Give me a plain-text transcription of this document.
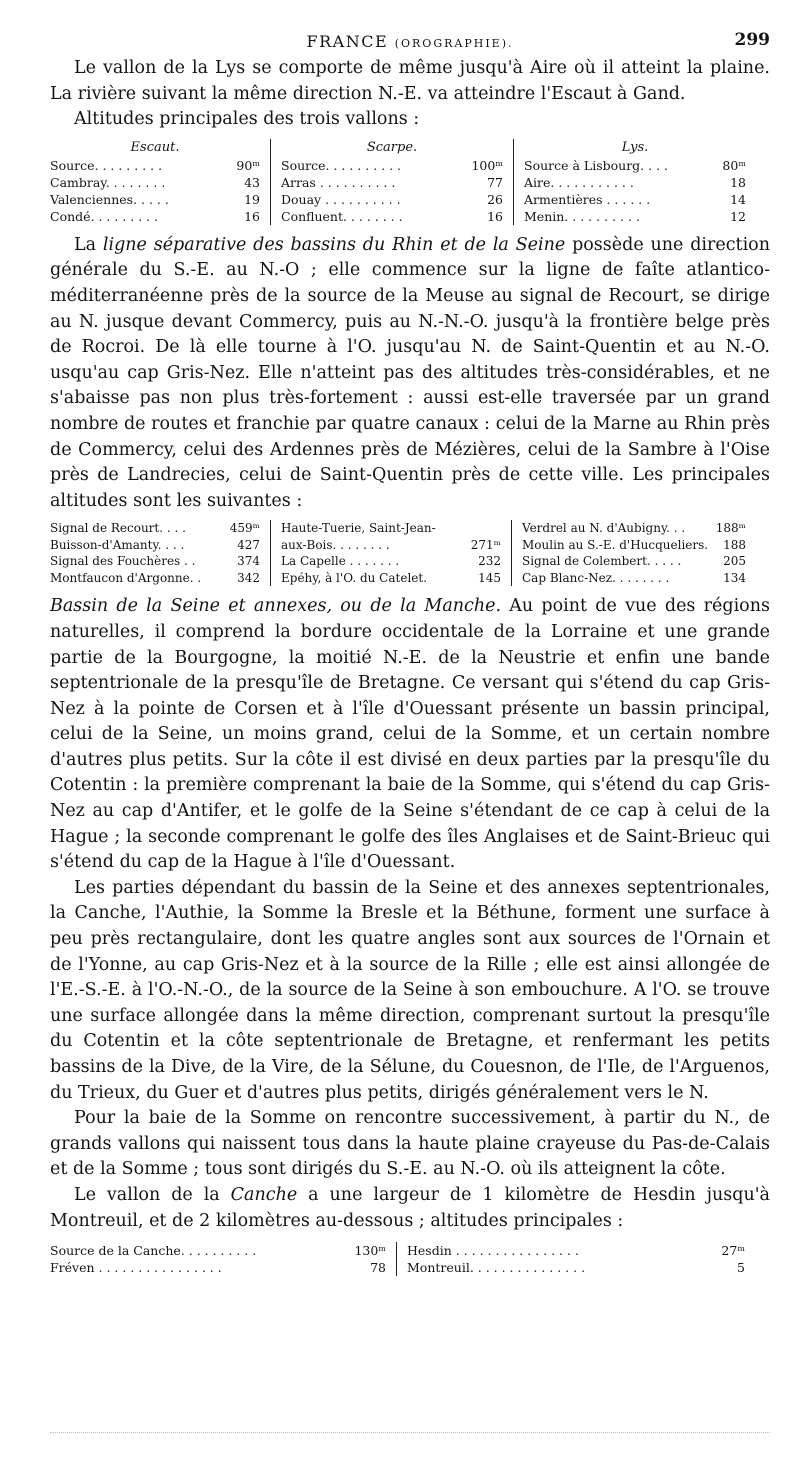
FRANCE (OROGRAPHIE).	299

Le vallon de la Lys se comporte de même jusqu'à Aire où il atteint la plaine. La rivière suivant la même direction N.-E. va atteindre l'Escaut à Gand.

Altitudes principales des trois vallons :

Escaut.
Source. . . . . . . . .	90ᵐ
Cambray. . . . . . . .	43
Valenciennes. . . . .	19
Condé. . . . . . . . .	16
Scarpe.
Source. . . . . . . . . .	100ᵐ
Arras . . . . . . . . . .	77
Douay . . . . . . . . . .	26
Confluent. . . . . . . .	16
Lys.
Source à Lisbourg. . . .	80ᵐ
Aire. . . . . . . . . . .	18
Armentières . . . . . .	14
Menin. . . . . . . . . .	12

La ligne séparative des bassins du Rhin et de la Seine possède une direction générale du S.-E. au N.-O ; elle commence sur la ligne de faîte atlantico-méditerranéenne près de la source de la Meuse au signal de Recourt, se dirige au N. jusque devant Commercy, puis au N.-N.-O. jusqu'à la frontière belge près de Rocroi. De là elle tourne à l'O. jusqu'au N. de Saint-Quentin et au N.-O. usqu'au cap Gris-Nez. Elle n'atteint pas des altitudes très-considérables, et ne s'abaisse pas non plus très-fortement : aussi est-elle traversée par un grand nombre de routes et franchie par quatre canaux : celui de la Marne au Rhin près de Commercy, celui des Ardennes près de Mézières, celui de la Sambre à l'Oise près de Landrecies, celui de Saint-Quentin près de cette ville. Les principales altitudes sont les suivantes :

Signal de Recourt. . . .	459ᵐ
Buisson-d'Amanty. . . .	427
Signal des Fouchères . .	374
Montfaucon d'Argonne. .	342
Haute-Tuerie, Saint-Jean-
aux-Bois. . . . . . . .	271ᵐ
La Capelle . . . . . . .	232
Epéhy, à l'O. du Catelet.	145
Verdrel au N. d'Aubigny. . .	188ᵐ
Moulin au S.-E. d'Hucqueliers. 188
Signal de Colembert. . . . .	205
Cap Blanc-Nez. . . . . . . .	134

Bassin de la Seine et annexes, ou de la Manche. Au point de vue des régions naturelles, il comprend la bordure occidentale de la Lorraine et une grande partie de la Bourgogne, la moitié N.-E. de la Neustrie et enfin une bande septentrionale de la presqu'île de Bretagne. Ce versant qui s'étend du cap Gris-Nez à la pointe de Corsen et à l'île d'Ouessant présente un bassin principal, celui de la Seine, un moins grand, celui de la Somme, et un certain nombre d'autres plus petits. Sur la côte il est divisé en deux parties par la presqu'île du Cotentin : la première comprenant la baie de la Somme, qui s'étend du cap Gris-Nez au cap d'Antifer, et le golfe de la Seine s'étendant de ce cap à celui de la Hague ; la seconde comprenant le golfe des îles Anglaises et de Saint-Brieuc qui s'étend du cap de la Hague à l'île d'Ouessant.

Les parties dépendant du bassin de la Seine et des annexes septentrionales, la Canche, l'Authie, la Somme la Bresle et la Béthune, forment une surface à peu près rectangulaire, dont les quatre angles sont aux sources de l'Ornain et de l'Yonne, au cap Gris-Nez et à la source de la Rille ; elle est ainsi allongée de l'E.-S.-E. à l'O.-N.-O., de la source de la Seine à son embouchure. A l'O. se trouve une surface allongée dans la même direction, comprenant surtout la presqu'île du Cotentin et la côte septentrionale de Bretagne, et renfermant les petits bassins de la Dive, de la Vire, de la Sélune, du Couesnon, de l'Ile, de l'Arguenos, du Trieux, du Guer et d'autres plus petits, dirigés généralement vers le N.

Pour la baie de la Somme on rencontre successivement, à partir du N., de grands vallons qui naissent tous dans la haute plaine crayeuse du Pas-de-Calais et de la Somme ; tous sont dirigés du S.-E. au N.-O. où ils atteignent la côte.

Le vallon de la Canche a une largeur de 1 kilomètre de Hesdin jusqu'à Montreuil, et de 2 kilomètres au-dessous ; altitudes principales :

Source de la Canche. . . . . . . . . .	130ᵐ
Fréven . . . . . . . . . . . . . . . .	78
Hesdin . . . . . . . . . . . . . . . .	27ᵐ
Montreuil. . . . . . . . . . . . . . .	5
